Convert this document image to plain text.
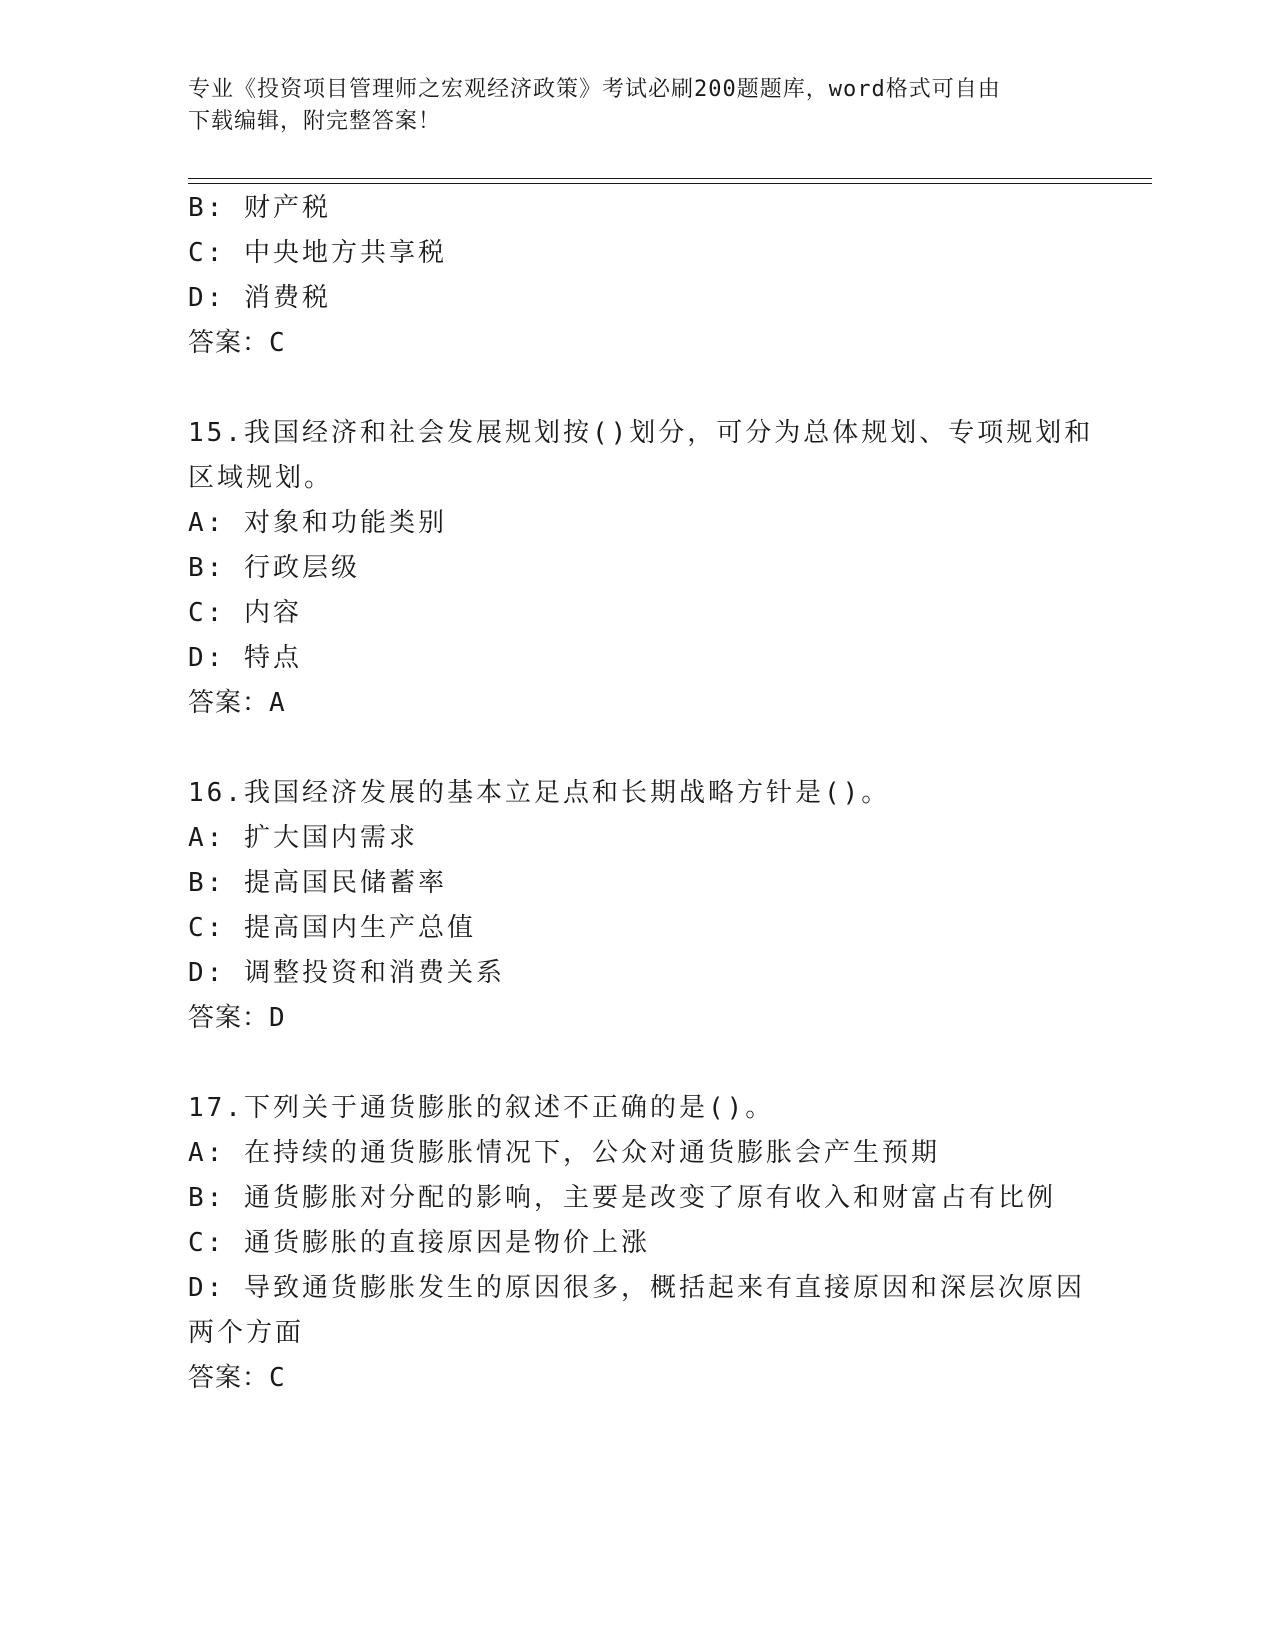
专业《投资项目管理师之宏观经济政策》考试必刷200题题库，word格式可自由
下载编辑，附完整答案！
B: 财产税
C: 中央地方共享税
D: 消费税
答案：C
15.我国经济和社会发展规划按()划分，可分为总体规划、专项规划和
区域规划。
A: 对象和功能类别
B: 行政层级
C: 内容
D: 特点
答案：A
16.我国经济发展的基本立足点和长期战略方针是()。
A: 扩大国内需求
B: 提高国民储蓄率
C: 提高国内生产总值
D: 调整投资和消费关系
答案：D
17.下列关于通货膨胀的叙述不正确的是()。
A: 在持续的通货膨胀情况下，公众对通货膨胀会产生预期
B: 通货膨胀对分配的影响，主要是改变了原有收入和财富占有比例
C: 通货膨胀的直接原因是物价上涨
D: 导致通货膨胀发生的原因很多，概括起来有直接原因和深层次原因
两个方面
答案：C
